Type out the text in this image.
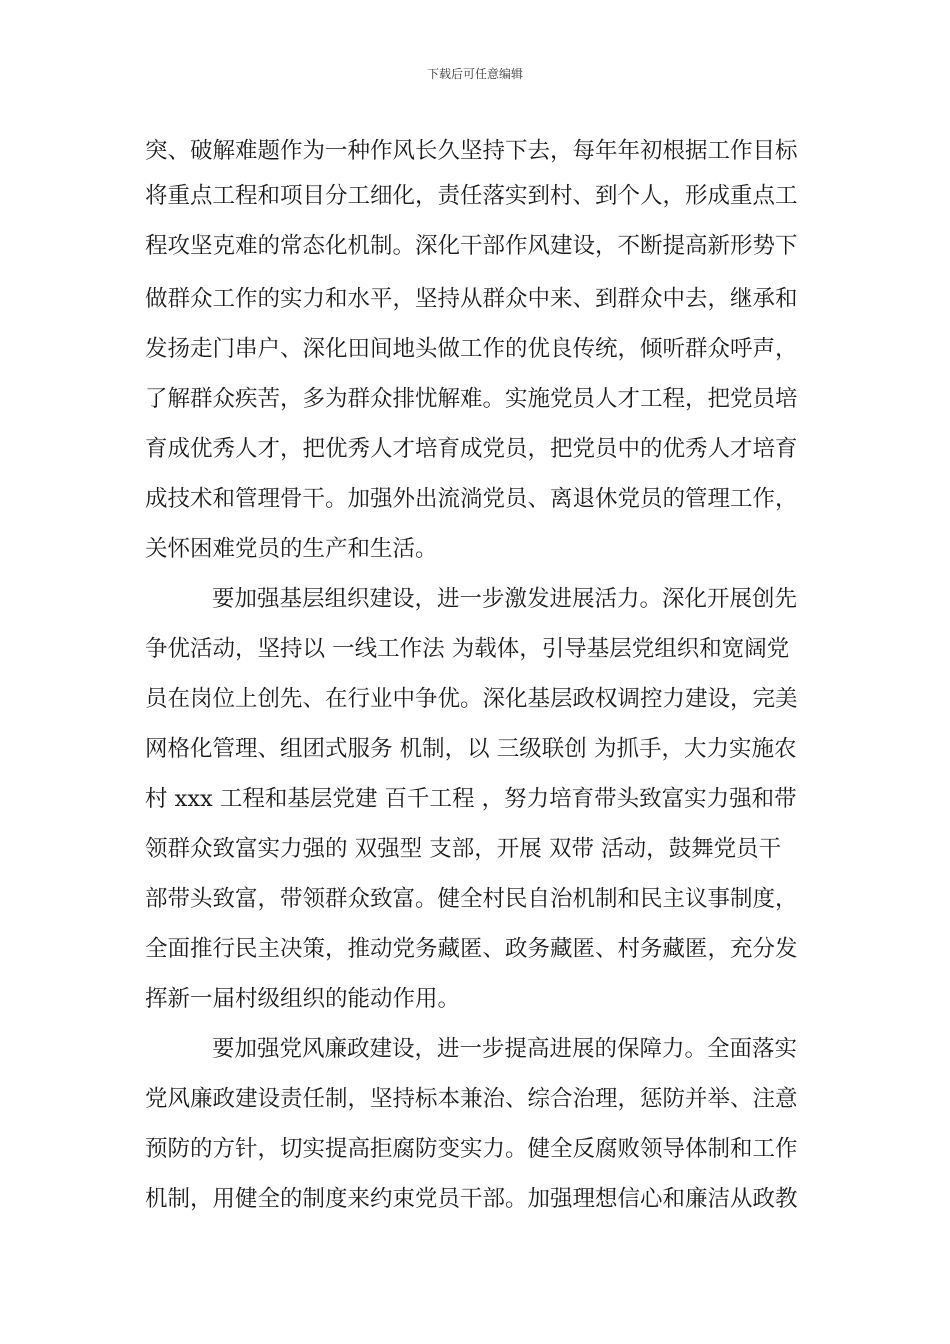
下载后可任意编辑
突、破解难题作为一种作风长久坚持下去，每年年初根据工作目标
将重点工程和项目分工细化，责任落实到村、到个人，形成重点工
程攻坚克难的常态化机制。深化干部作风建设，不断提高新形势下
做群众工作的实力和水平，坚持从群众中来、到群众中去，继承和
发扬走门串户、深化田间地头做工作的优良传统，倾听群众呼声，
了解群众疾苦，多为群众排忧解难。实施党员人才工程，把党员培
育成优秀人才，把优秀人才培育成党员，把党员中的优秀人才培育
成技术和管理骨干。加强外出流淌党员、离退休党员的管理工作，
关怀困难党员的生产和生活。
要加强基层组织建设，进一步激发进展活力。深化开展创先
争优活动，坚持以 一线工作法 为载体，引导基层党组织和宽阔党
员在岗位上创先、在行业中争优。深化基层政权调控力建设，完美
网格化管理、组团式服务 机制，以 三级联创 为抓手，大力实施农
村 xxx 工程和基层党建 百千工程 ，努力培育带头致富实力强和带
领群众致富实力强的 双强型 支部，开展 双带 活动，鼓舞党员干
部带头致富，带领群众致富。健全村民自治机制和民主议事制度，
全面推行民主决策，推动党务藏匿、政务藏匿、村务藏匿，充分发
挥新一届村级组织的能动作用。
要加强党风廉政建设，进一步提高进展的保障力。全面落实
党风廉政建设责任制，坚持标本兼治、综合治理，惩防并举、注意
预防的方针，切实提高拒腐防变实力。健全反腐败领导体制和工作
机制，用健全的制度来约束党员干部。加强理想信心和廉洁从政教
